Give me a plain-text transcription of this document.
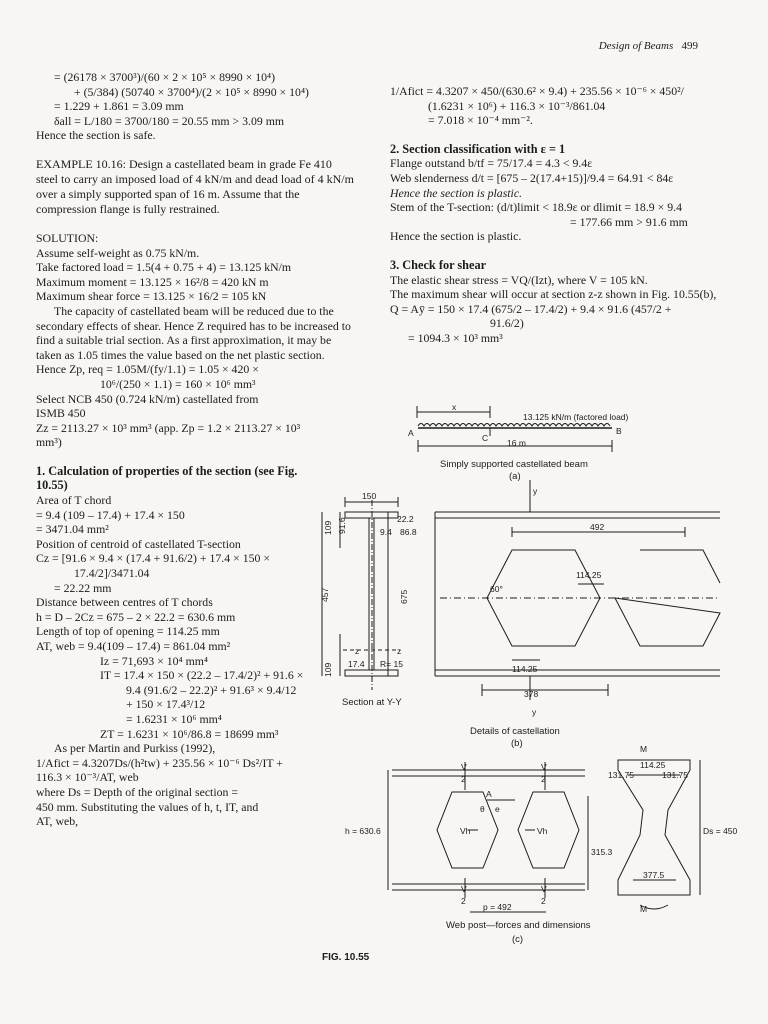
Design of Beams 499

= (26178 × 3700³)/(60 × 2 × 10⁵ × 8990 × 10⁴)

+ (5/384) (50740 × 3700⁴)/(2 × 10⁵ × 8990 × 10⁴)

= 1.229 + 1.861 = 3.09 mm

δall = L/180 = 3700/180 = 20.55 mm > 3.09 mm

Hence the section is safe.

EXAMPLE 10.16: Design a castellated beam in grade Fe 410 steel to carry an imposed load of 4 kN/m and dead load of 4 kN/m over a simply supported span of 16 m. Assume that the compression flange is fully restrained.

SOLUTION:

Assume self-weight as 0.75 kN/m.

Take factored load = 1.5(4 + 0.75 + 4) = 13.125 kN/m

Maximum moment = 13.125 × 16²/8 = 420 kN m

Maximum shear force = 13.125 × 16/2 = 105 kN

The capacity of castellated beam will be reduced due to the secondary effects of shear. Hence Z required has to be increased to find a suitable trial section. As a first approximation, it may be taken as 1.05 times the value based on the net plastic section.

Hence Zp, req = 1.05M/(fy/1.1) = 1.05 × 420 ×

10⁶/(250 × 1.1) = 160 × 10⁶ mm³

Select NCB 450 (0.724 kN/m) castellated from ISMB 450

Zz = 2113.27 × 10³ mm³ (app. Zp = 1.2 × 2113.27 × 10³ mm³)

1. Calculation of properties of the section (see Fig. 10.55)

Area of T chord

= 9.4 (109 – 17.4) + 17.4 × 150

= 3471.04 mm²

Position of centroid of castellated T-section

Cz = [91.6 × 9.4 × (17.4 + 91.6/2) + 17.4 × 150 ×

17.4/2]/3471.04

= 22.22 mm

Distance between centres of T chords

h = D – 2Cz = 675 – 2 × 22.2 = 630.6 mm

Length of top of opening = 114.25 mm

AT, web = 9.4(109 – 17.4) = 861.04 mm²

Iz = 71,693 × 10⁴ mm⁴

IT = 17.4 × 150 × (22.2 – 17.4/2)² + 91.6 ×

9.4 (91.6/2 – 22.2)² + 91.6³ × 9.4/12

+ 150 × 17.4³/12

= 1.6231 × 10⁶ mm⁴

ZT = 1.6231 × 10⁶/86.8 = 18699 mm³

As per Martin and Purkiss (1992),

1/Afict = 4.3207Ds/(h²tw) + 235.56 × 10⁻⁶ Ds²/IT +

116.3 × 10⁻³/AT, web

where Ds = Depth of the original section =

450 mm. Substituting the values of h, t, IT, and

AT, web,

1/Afict = 4.3207 × 450/(630.6² × 9.4) + 235.56 × 10⁻⁶ × 450²/

(1.6231 × 10⁶) + 116.3 × 10⁻³/861.04

= 7.018 × 10⁻⁴ mm⁻².

2. Section classification with ε = 1

Flange outstand b/tf = 75/17.4 = 4.3 < 9.4ε

Web slenderness d/t = [675 – 2(17.4+15)]/9.4 = 64.91 < 84ε

Hence the section is plastic.

Stem of the T-section: (d/t)limit < 18.9ε or dlimit = 18.9 × 9.4

= 177.66 mm > 91.6 mm

Hence the section is plastic.

3. Check for shear

The elastic shear stress = VQ/(Izt), where V = 105 kN.

The maximum shear will occur at section z-z shown in Fig. 10.55(b),

Q = Aȳ = 150 × 17.4 (675/2 – 17.4/2) + 9.4 × 91.6 (457/2 +

91.6/2)

= 1094.3 × 10³ mm³

x
13.125 kN/m (factored load)
A	B
C 16 m
Simply supported castellated beam
(a)
150
109 91.6	22.2
9.4 86.8
457	675
z	z
109 17.4 R= 15
Section at Y-Y
y
492
114.25
60°
114.25
378
y
Details of castellation
(b)
h = 630.6
V
2
V
2
A
θ e
Vh	Vh
315.3
V
2
V
2
p = 492
M
114.25
131.75	131.75
Ds = 450
377.5
M
Web post—forces and dimensions
(c)
FIG. 10.55
